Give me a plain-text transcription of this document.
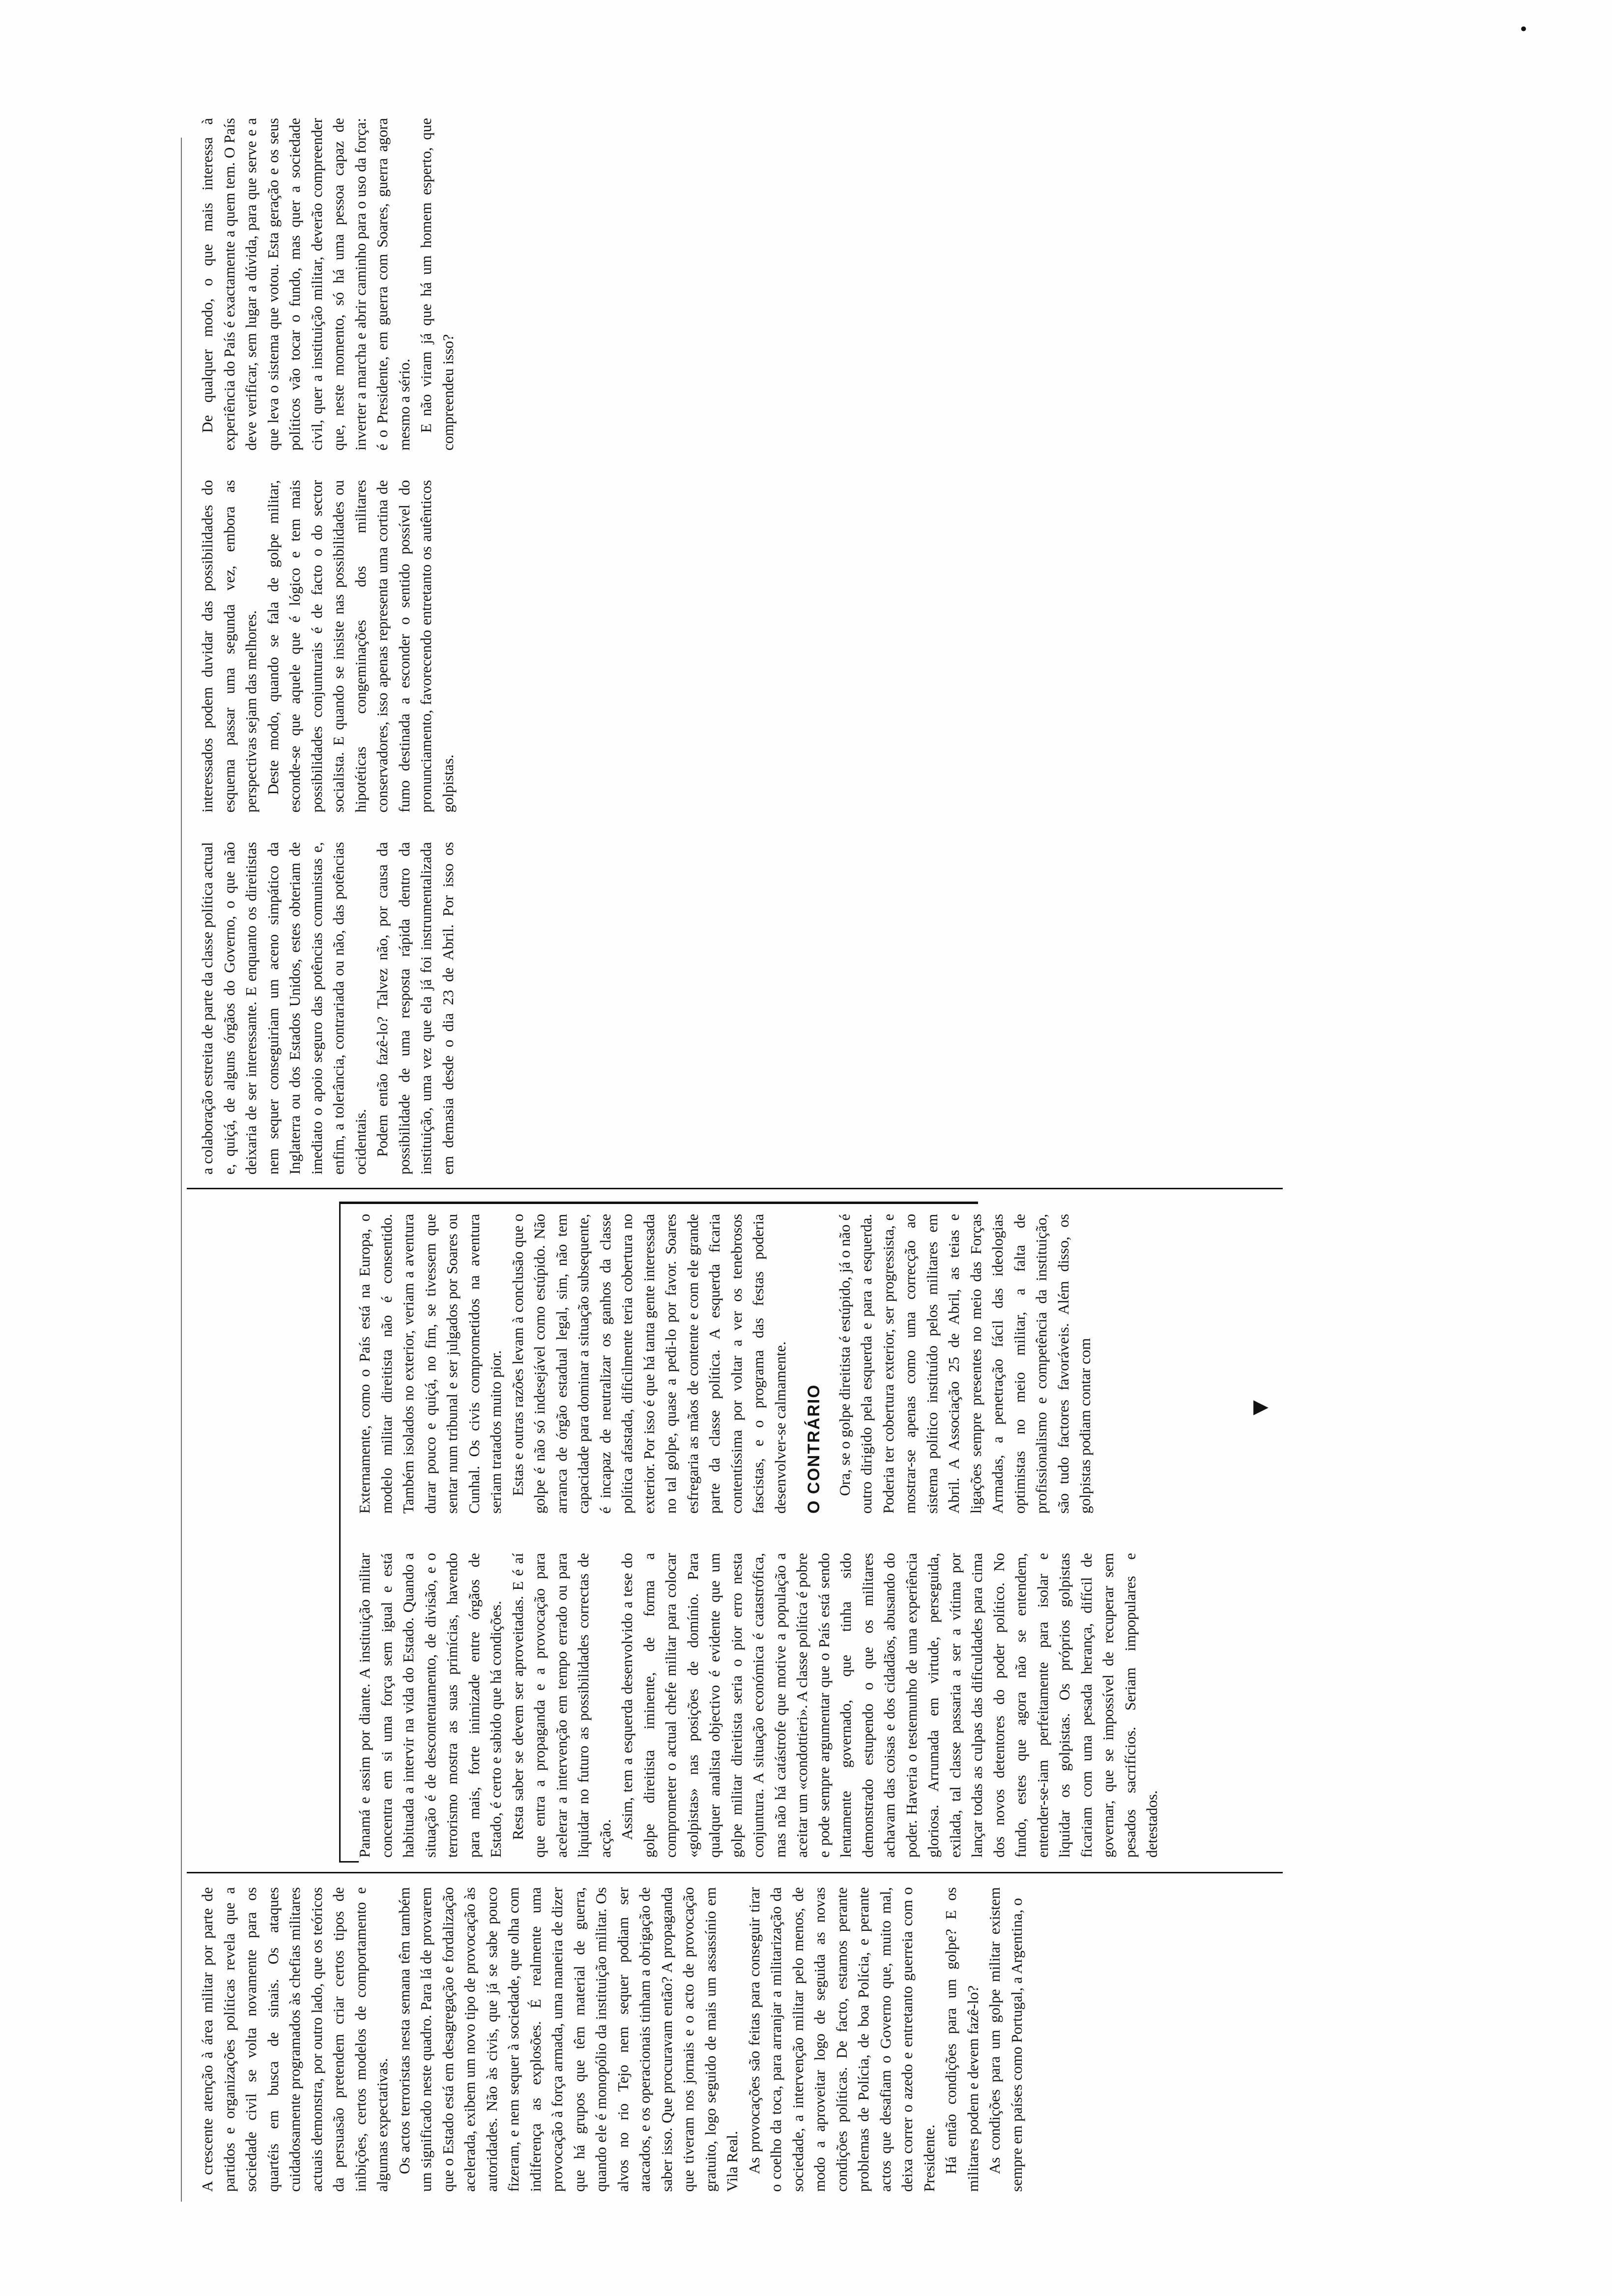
A crescente atenção à área militar por parte de partidos e organizações políticas revela que a sociedade civil se volta novamente para os quartéis em busca de sinais. Os ataques cuidadosamente programados às chefias militares actuais demonstra, por outro lado, que os teóricos da persuasão pretendem criar certos tipos de inibições, certos modelos de comportamento e algumas expectativas. Os actos terroristas nesta semana têm também um significado neste quadro. Para lá de provarem que o Estado está em desagregação e fordalização acelerada, exibem um novo tipo de provocação às autoridades. Não às civis, que já se sabe pouco fizeram, e nem sequer à sociedade, que olha com indiferença as explosões. É realmente uma provocação à força armada, uma maneira de dizer que há grupos que têm material de guerra, quando ele é monopólio da instituição militar. Os alvos no rio Tejo nem sequer podiam ser atacados, e os operacionais tinham a obrigação de saber isso. Que procuravam então? A propaganda que tiveram nos jornais e o acto de provocação gratuito, logo seguido de mais um assassínio em Vila Real. As provocações são feitas para conseguir tirar o coelho da toca, para arranjar a militarização da sociedade, a intervenção militar pelo menos, de modo a aproveitar logo de seguida as novas condições políticas. De facto, estamos perante problemas de Polícia, de boa Polícia, e perante actos que desafiam o Governo que, muito mal, deixa correr o azedo e entretanto guerreia com o Presidente. Há então condições para um golpe? E os militares podem e devem fazê-lo? As condições para um golpe militar existem sempre em países como Portugal, a Argentina, o

Panamá e assim por diante. A instituição militar concentra em si uma força sem igual e está habituada a intervir na vida do Estado. Quando a situação é de descontentamento, de divisão, e o terrorismo mostra as suas primícias, havendo para mais, forte inimizade entre órgãos de Estado, é certo e sabido que há condições. Resta saber se devem ser aproveitadas. E é aí que entra a propaganda e a provocação para acelerar a intervenção em tempo errado ou para liquidar no futuro as possibilidades correctas de acção. Assim, tem a esquerda desenvolvido a tese do golpe direitista iminente, de forma a comprometer o actual chefe militar para colocar «golpistas» nas posições de domínio. Para qualquer analista objectivo é evidente que um golpe militar direitista seria o pior erro nesta conjuntura. A situação económica é catastrófica, mas não há catástrofe que motive a população a aceitar um «condottieri». A classe política é pobre e pode sempre argumentar que o País está sendo lentamente governado, que tinha sido demonstrado estupendo o que os militares achavam das coisas e dos cidadãos, abusando do poder. Haveria o testemunho de uma experiência gloriosa. Arrumada em virtude, perseguida, exilada, tal classe passaria a ser a vítima por lançar todas as culpas das dificuldades para cima dos novos detentores do poder político. No fundo, estes que agora não se entendem, entender-se-iam perfeitamente para isolar e liquidar os golpistas. Os próprios golpistas ficariam com uma pesada herança, difícil de governar, que se impossível de recuperar sem pesados sacrifícios. Seriam impopulares e detestados.

Externamente, como o País está na Europa, o modelo militar direitista não é consentido. Também isolados no exterior, veriam a aventura durar pouco e quiçá, no fim, se tivessem que sentar num tribunal e ser julgados por Soares ou Cunhal. Os civis comprometidos na aventura seriam tratados muito pior. Estas e outras razões levam à conclusão que o golpe é não só indesejável como estúpido. Não arranca de órgão estadual legal, sim, não tem capacidade para dominar a situação subsequente, é incapaz de neutralizar os ganhos da classe política afastada, dificilmente teria cobertura no exterior. Por isso é que há tanta gente interessada no tal golpe, quase a pedi-lo por favor. Soares esfregaria as mãos de contente e com ele grande parte da classe política. A esquerda ficaria contentíssima por voltar a ver os tenebrosos fascistas, e o programa das festas poderia desenvolver-se calmamente. O CONTRÁRIO Ora, se o golpe direitista é estúpido, já o não é outro dirigido pela esquerda e para a esquerda. Poderia ter cobertura exterior, ser progressista, e mostrar-se apenas como uma correcção ao sistema político instituído pelos militares em Abril. A Associação 25 de Abril, as teias e ligações sempre presentes no meio das Forças Armadas, a penetração fácil das ideologias optimistas no meio militar, a falta de profissionalismo e competência da instituição, são tudo factores favoráveis. Além disso, os golpistas podiam contar com

a colaboração estreita de parte da classe política actual e, quiçá, de alguns órgãos do Governo, o que não deixaria de ser interessante. E enquanto os direitistas nem sequer conseguiriam um aceno simpático da Inglaterra ou dos Estados Unidos, estes obteriam de imediato o apoio seguro das potências comunistas e, enfim, a tolerância, contrariada ou não, das potências ocidentais. Podem então fazê-lo? Talvez não, por causa da possibilidade de uma resposta rápida dentro da instituição, uma vez que ela já foi instrumentalizada em demasia desde o dia 23 de Abril. Por isso os interessados podem duvidar das possibilidades do esquema passar uma segunda vez, embora as perspectivas sejam das melhores. Deste modo, quando se fala de golpe militar, esconde-se que aquele que é lógico e tem mais possibilidades conjunturais é de facto o do sector socialista. E quando se insiste nas possibilidades ou hipotéticas congeminações dos militares conservadores, isso apenas representa uma cortina de fumo destinada a esconder o sentido possível do pronunciamento, favorecendo entretanto os autênticos golpistas.

De qualquer modo, o que mais interessa à experiência do País é exactamente a quem tem. O País deve verificar, sem lugar a dúvida, para que serve e a que leva o sistema que votou. Esta geração e os seus políticos vão tocar o fundo, mas quer a sociedade civil, quer a instituição militar, deverão compreender que, neste momento, só há uma pessoa capaz de inverter a marcha e abrir caminho para o uso da força: é o Presidente, em guerra com Soares, guerra agora mesmo a sério. E não viram já que há um homem esperto, que compreendeu isso?

▼
•
